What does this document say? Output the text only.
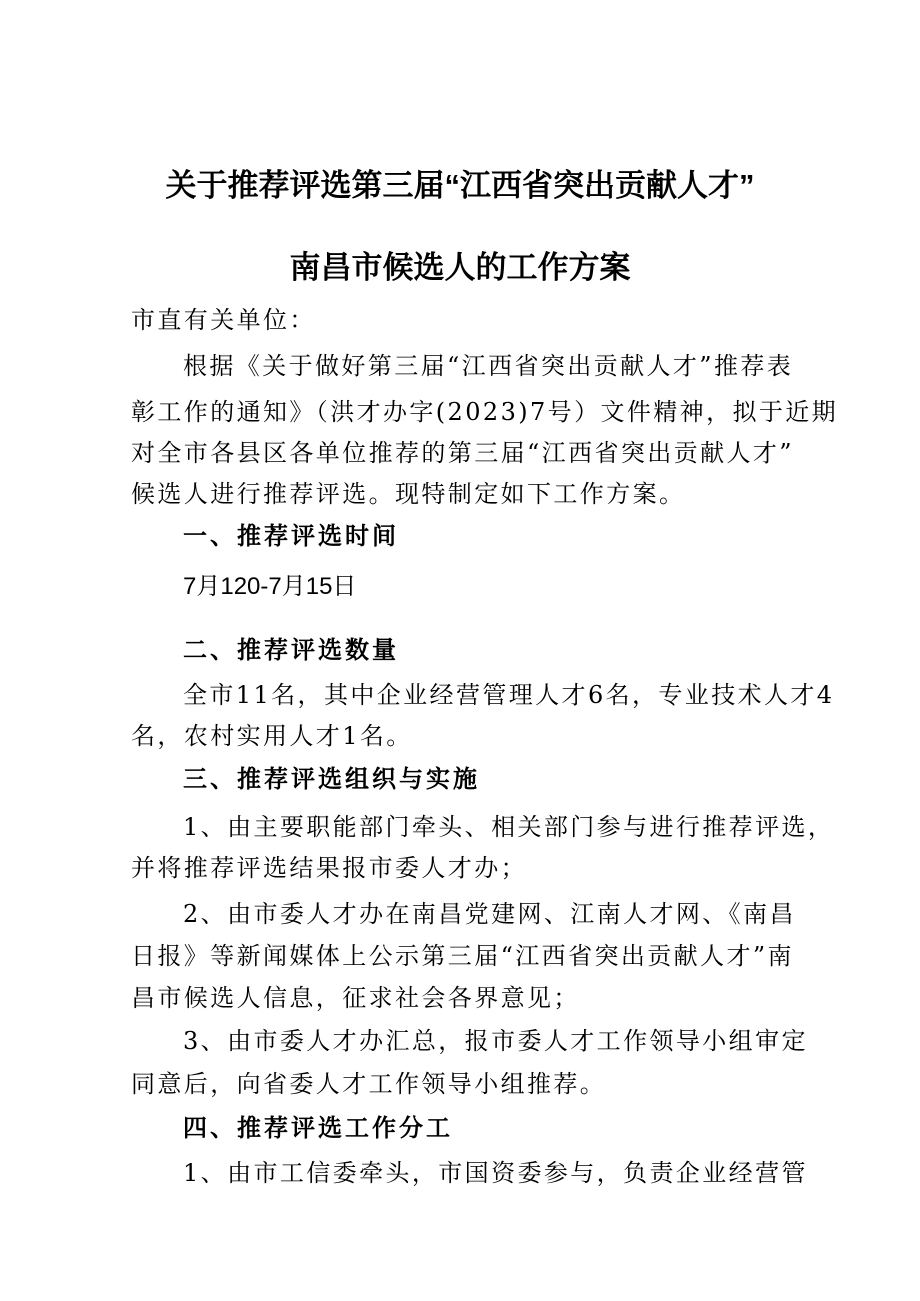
关于推荐评选第三届“江西省突出贡献人才”
南昌市候选人的工作方案
市直有关单位：
根据《关于做好第三届“江西省突出贡献人才”推荐表
彰工作的通知》（洪才办字(2023)7号）文件精神，拟于近期
对全市各县区各单位推荐的第三届“江西省突出贡献人才”
候选人进行推荐评选。现特制定如下工作方案。
一、推荐评选时间
7月120-7月15日
二、推荐评选数量
全市11名，其中企业经营管理人才6名，专业技术人才4
名，农村实用人才1名。
三、推荐评选组织与实施
1、由主要职能部门牵头、相关部门参与进行推荐评选，
并将推荐评选结果报市委人才办；
2、由市委人才办在南昌党建网、江南人才网、《南昌
日报》等新闻媒体上公示第三届“江西省突出贡献人才”南
昌市候选人信息，征求社会各界意见；
3、由市委人才办汇总，报市委人才工作领导小组审定
同意后，向省委人才工作领导小组推荐。
四、推荐评选工作分工
1、由市工信委牵头，市国资委参与，负责企业经营管
